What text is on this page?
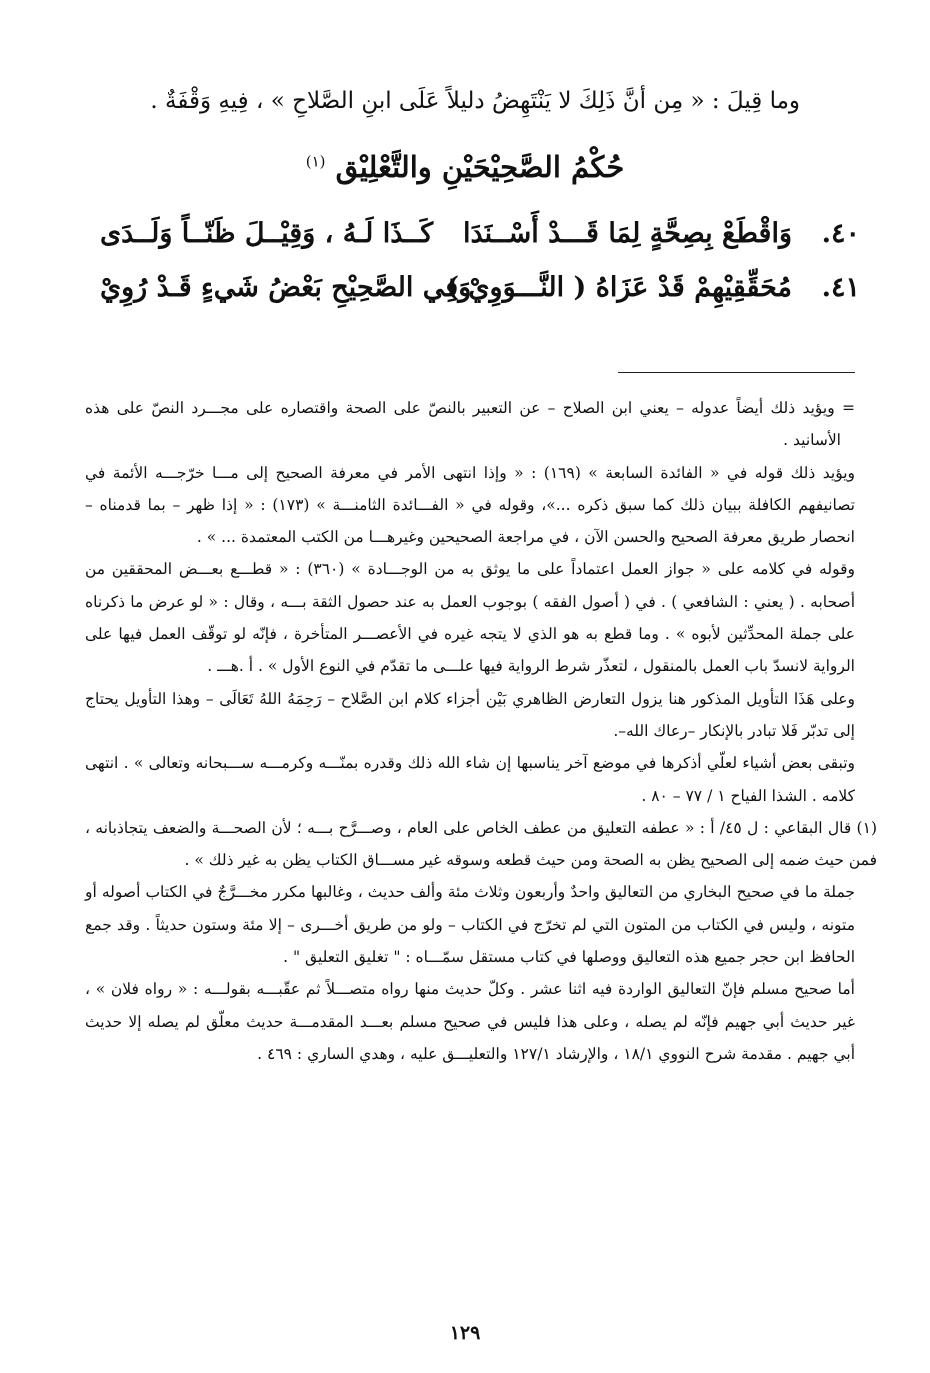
وما قِيلَ : « مِن أنَّ ذَلِكَ لا يَنْتَهِضُ دليلاً عَلَى ابنِ الصَّلاحِ » ، فِيهِ وَقْفَةٌ .
حُكْمُ الصَّحِيْحَيْنِ والتَّعْلِيْق $^{(١)}$
٤٠.
وَاقْطَعْ بِصِحَّةٍ لِمَا قَـــدْ أَسْــنَدَا
كَــذَا لَـهُ ، وَقِيْــلَ ظَنّــاً وَلَــدَى
٤١.
مُحَقِّقِيْهِمْ قَدْ عَزَاهُ ( النَّـــوَوِيْ )
وَفِي الصَّحِيْحِ بَعْضُ شَيءٍ قَـدْ رُوِيْ

= ويؤيد ذلك أيضاً عدوله – يعني ابن الصلاح – عن التعبير بالنصّ على الصحة واقتصاره على مجـــرد النصّ على هذه الأسانيد .

ويؤيد ذلك قوله في « الفائدة السابعة » (١٦٩) : « وإذا انتهى الأمر في معرفة الصحيح إلى مـــا خرّجـــه الأئمة في تصانيفهم الكافلة ببيان ذلك كما سبق ذكره ...»، وقوله في « الفـــائدة الثامنـــة » (١٧٣) : « إذا ظهر – بما قدمناه – انحصار طريق معرفة الصحيح والحسن الآن ، في مراجعة الصحيحين وغيرهـــا من الكتب المعتمدة ... » .

وقوله في كلامه على « جواز العمل اعتماداً على ما يوثق به من الوجـــادة » (٣٦٠) : « قطـــع بعـــض المحققين من أصحابه . ( يعني : الشافعي ) . في ( أصول الفقه ) بوجوب العمل به عند حصول الثقة بـــه ، وقال : « لو عرض ما ذكرناه على جملة المحدِّثين لأبوه » . وما قطع به هو الذي لا يتجه غيره في الأعصـــر المتأخرة ، فإنّه لو توقّف العمل فيها على الرواية لانسدّ باب العمل بالمنقول ، لتعذّر شرط الرواية فيها علـــى ما تقدّم في النوع الأول » . أ .هـــ .

وعلى هَذَا التأويل المذكور هنا يزول التعارض الظاهري بَيْن أجزاء كلام ابن الصَّلاح – رَحِمَهُ اللهُ تَعَالَى – وهذا التأويل يحتاج إلى تدبّر فَلا تبادر بالإنكار –رعاك الله–.

وتبقى بعض أشياء لعلّي أذكرها في موضع آخر يناسبها إن شاء الله ذلك وقدره بمنّـــه وكرمـــه ســـبحانه وتعالى » . انتهى كلامه . الشذا الفياح ١ / ٧٧ – ٨٠ .

(١) قال البقاعي : ل ٤٥/ أ : « عطفه التعليق من عطف الخاص على العام ، وصـــرَّح بـــه ؛ لأن الصحـــة والضعف يتجاذبانه ، فمن حيث ضمه إلى الصحيح يظن به الصحة ومن حيث قطعه وسوقه غير مســـاق الكتاب يظن به غير ذلك » .

جملة ما في صحيح البخاري من التعاليق واحدٌ وأربعون وثلاث مئة وألف حديث ، وغالبها مكرر مخـــرَّجٌ في الكتاب أصوله أو متونه ، وليس في الكتاب من المتون التي لم تخرّج في الكتاب – ولو من طريق أخـــرى – إلا مئة وستون حديثاً . وقد جمع الحافظ ابن حجر جميع هذه التعاليق ووصلها في كتاب مستقل سمّـــاه : " تغليق التعليق " .

أما صحيح مسلم فإنّ التعاليق الواردة فيه اثنا عشر . وكلّ حديث منها رواه متصـــلاً ثم عقّبـــه بقولـــه : « رواه فلان » ، غير حديث أبي جهيم فإنّه لم يصله ، وعلى هذا فليس في صحيح مسلم بعـــد المقدمـــة حديث معلّق لم يصله إلا حديث أبي جهيم . مقدمة شرح النووي ١٨/١ ، والإرشاد ١٢٧/١ والتعليـــق عليه ، وهدي الساري : ٤٦٩ .

١٢٩
